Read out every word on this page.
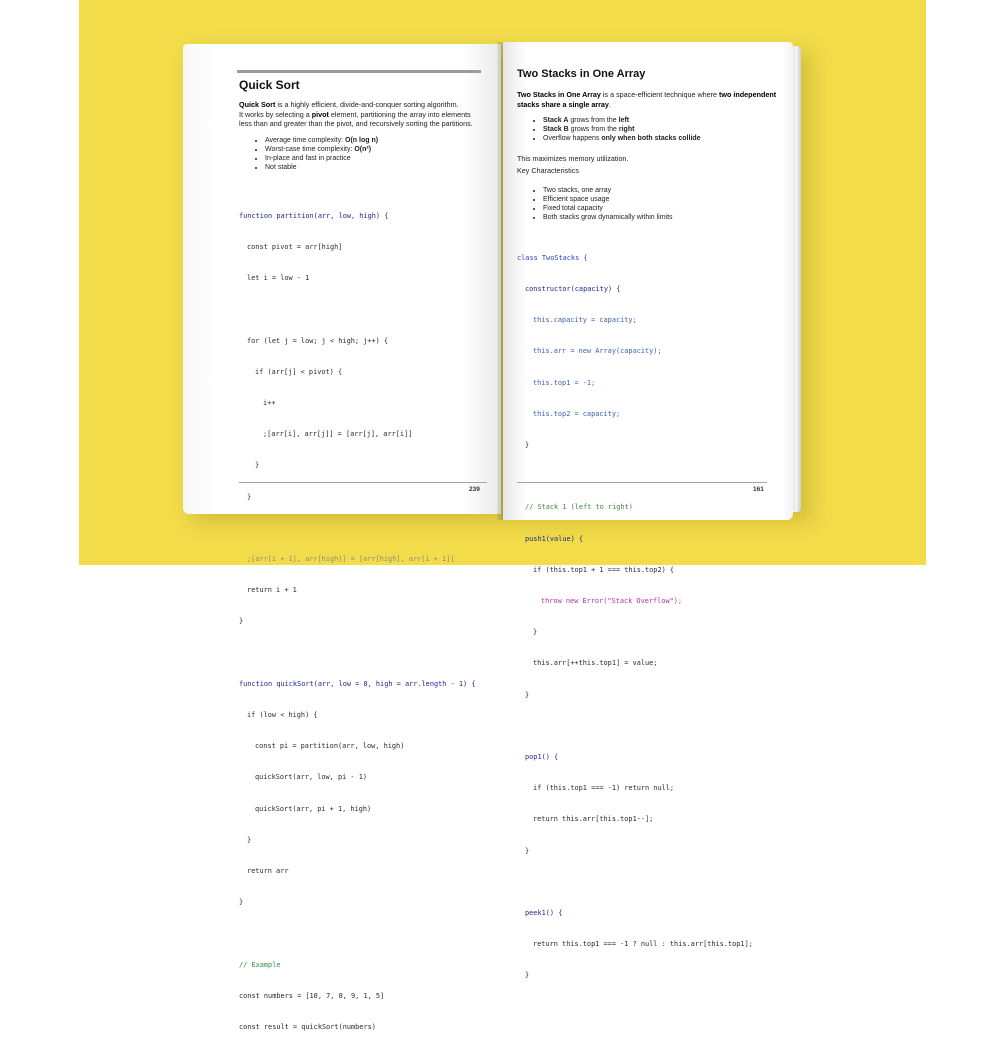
Quick Sort
Quick Sort is a highly efficient, divide-and-conquer sorting algorithm.
It works by selecting a pivot element, partitioning the array into elements
less than and greater than the pivot, and recursively sorting the partitions.
• Average time complexity: O(n log n)
• Worst-case time complexity: O(n²)
• In-place and fast in practice
• Not stable

function partition(arr, low, high) {

const pivot = arr[high]

let i = low - 1

for (let j = low; j < high; j++) {

if (arr[j] < pivot) {

i++

;[arr[i], arr[j]] = [arr[j], arr[i]]

}

}

;[arr[i + 1], arr[high]] = [arr[high], arr[i + 1]]

return i + 1

}

function quickSort(arr, low = 0, high = arr.length - 1) {

if (low < high) {

const pi = partition(arr, low, high)

quickSort(arr, low, pi - 1)

quickSort(arr, pi + 1, high)

}

return arr

}

// Example

const numbers = [10, 7, 8, 9, 1, 5]

const result = quickSort(numbers)

239
Two Stacks in One Array
Two Stacks in One Array is a space-efficient technique where two independent stacks share a single array.
• Stack A grows from the left
• Stack B grows from the right
• Overflow happens only when both stacks collide
This maximizes memory utilization.
Key Characteristics
• Two stacks, one array
• Efficient space usage
• Fixed total capacity
• Both stacks grow dynamically within limits

class TwoStacks {

constructor(capacity) {

this.capacity = capacity;

this.arr = new Array(capacity);

this.top1 = -1;

this.top2 = capacity;

}

// Stack 1 (left to right)

push1(value) {

if (this.top1 + 1 === this.top2) {

throw new Error("Stack Overflow");

}

this.arr[++this.top1] = value;

}

pop1() {

if (this.top1 === -1) return null;

return this.arr[this.top1--];

}

peek1() {

return this.top1 === -1 ? null : this.arr[this.top1];

}

161
